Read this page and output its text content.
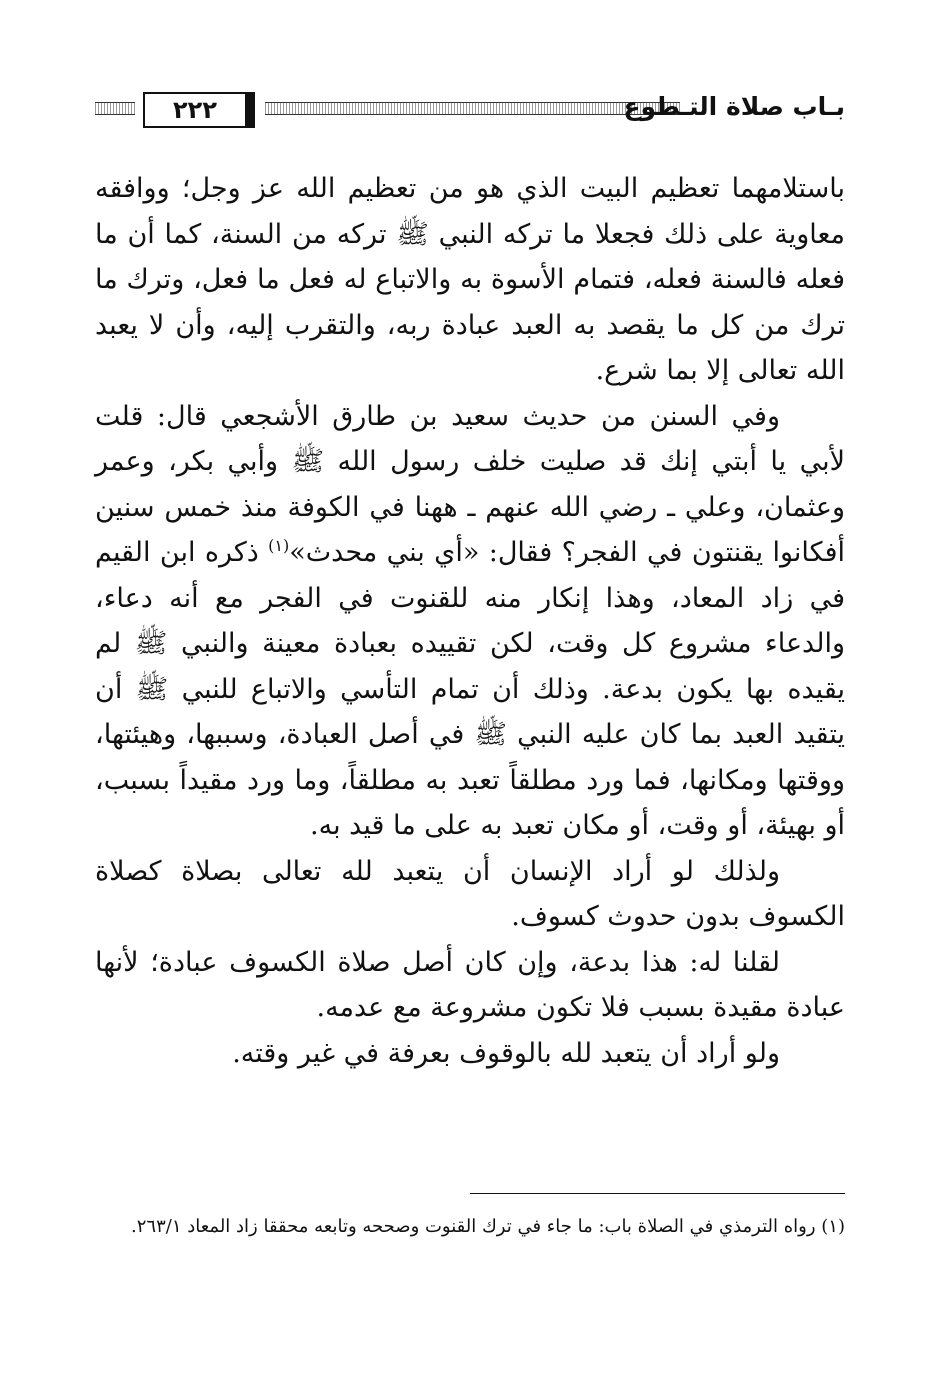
٢٢٢	بـاب صلاة التـطوع

باستلامهما تعظيم البيت الذي هو من تعظيم الله عز وجل؛ ووافقه معاوية على ذلك فجعلا ما تركه النبي ﷺ تركه من السنة، كما أن ما فعله فالسنة فعله، فتمام الأسوة به والاتباع له فعل ما فعل، وترك ما ترك من كل ما يقصد به العبد عبادة ربه، والتقرب إليه، وأن لا يعبد الله تعالى إلا بما شرع.

وفي السنن من حديث سعيد بن طارق الأشجعي قال: قلت لأبي يا أبتي إنك قد صليت خلف رسول الله ﷺ وأبي بكر، وعمر وعثمان، وعلي ـ رضي الله عنهم ـ ههنا في الكوفة منذ خمس سنين أفكانوا يقنتون في الفجر؟ فقال: «أي بني محدث»$^{(١)}$ ذكره ابن القيم في زاد المعاد، وهذا إنكار منه للقنوت في الفجر مع أنه دعاء، والدعاء مشروع كل وقت، لكن تقييده بعبادة معينة والنبي ﷺ لم يقيده بها يكون بدعة. وذلك أن تمام التأسي والاتباع للنبي ﷺ أن يتقيد العبد بما كان عليه النبي ﷺ في أصل العبادة، وسببها، وهيئتها، ووقتها ومكانها، فما ورد مطلقاً تعبد به مطلقاً، وما ورد مقيداً بسبب، أو بهيئة، أو وقت، أو مكان تعبد به على ما قيد به.

ولذلك لو أراد الإنسان أن يتعبد لله تعالى بصلاة كصلاة الكسوف بدون حدوث كسوف.

لقلنا له: هذا بدعة، وإن كان أصل صلاة الكسوف عبادة؛ لأنها عبادة مقيدة بسبب فلا تكون مشروعة مع عدمه.

ولو أراد أن يتعبد لله بالوقوف بعرفة في غير وقته.

(١) رواه الترمذي في الصلاة باب: ما جاء في ترك القنوت وصححه وتابعه محققا زاد المعاد ٢٦٣/١.
